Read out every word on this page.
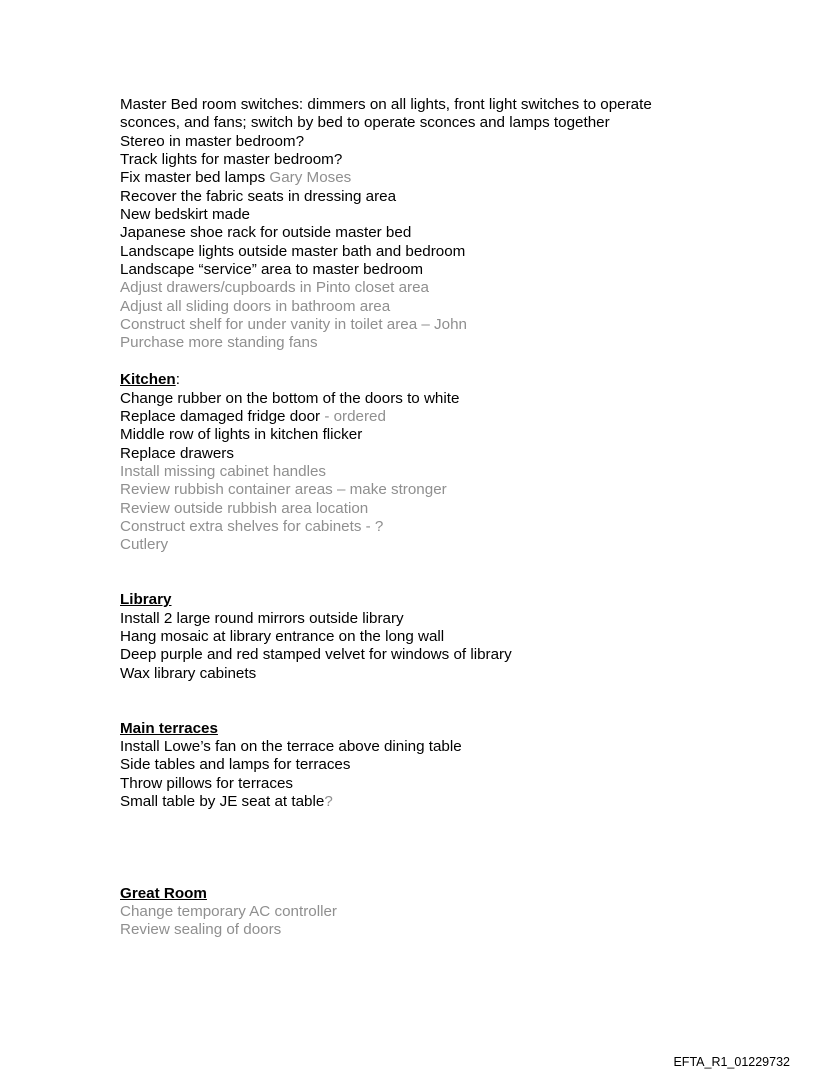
Master Bed room switches: dimmers on all lights, front light switches to operate
sconces, and fans; switch by bed to operate sconces and lamps together
Stereo in master bedroom?
Track lights for master bedroom?
Fix master bed lamps Gary Moses
Recover the fabric seats in dressing area
New bedskirt made
Japanese shoe rack for outside master bed
Landscape lights outside master bath and bedroom
Landscape “service” area to master bedroom
Adjust drawers/cupboards in Pinto closet area
Adjust all sliding doors in bathroom area
Construct shelf for under vanity in toilet area – John
Purchase more standing fans
Kitchen:
Change rubber on the bottom of the doors to white
Replace damaged fridge door - ordered
Middle row of lights in kitchen flicker
Replace drawers
Install missing cabinet handles
Review rubbish container areas – make stronger
Review outside rubbish area location
Construct extra shelves for cabinets - ?
Cutlery
Library
Install 2 large round mirrors outside library
Hang mosaic at library entrance on the long wall
Deep purple and red stamped velvet for windows of library
Wax library cabinets
Main terraces
Install Lowe’s fan on the terrace above dining table
Side tables and lamps for terraces
Throw pillows for terraces
Small table by JE seat at table?
Great Room
Change temporary AC controller
Review sealing of doors
EFTA_R1_01229732
